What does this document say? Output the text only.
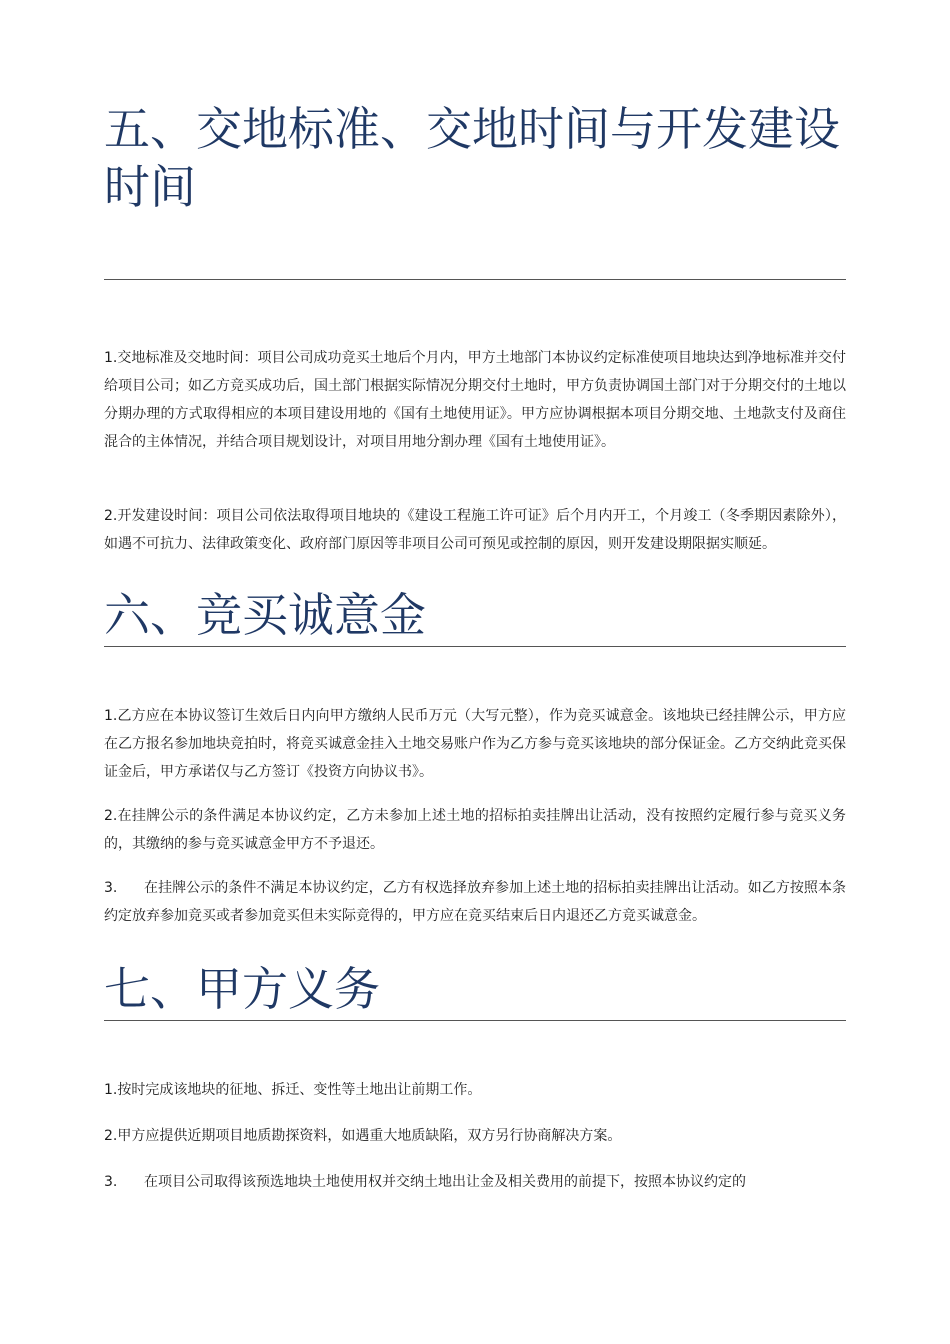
五、交地标准、交地时间与开发建设
时间

1.交地标准及交地时间：项目公司成功竞买土地后个月内，甲方土地部门本协议约定标准使项目地块达到净地标准并交付给项目公司；如乙方竞买成功后，国土部门根据实际情况分期交付土地时，甲方负责协调国土部门对于分期交付的土地以分期办理的方式取得相应的本项目建设用地的《国有土地使用证》。甲方应协调根据本项目分期交地、土地款支付及商住混合的主体情况，并结合项目规划设计，对项目用地分割办理《国有土地使用证》。

2.开发建设时间：项目公司依法取得项目地块的《建设工程施工许可证》后个月内开工，个月竣工（冬季期因素除外），如遇不可抗力、法律政策变化、政府部门原因等非项目公司可预见或控制的原因，则开发建设期限据实顺延。

六、竞买诚意金

1.乙方应在本协议签订生效后日内向甲方缴纳人民币万元（大写元整），作为竞买诚意金。该地块已经挂牌公示，甲方应在乙方报名参加地块竞拍时，将竞买诚意金挂入土地交易账户作为乙方参与竞买该地块的部分保证金。乙方交纳此竞买保证金后，甲方承诺仅与乙方签订《投资方向协议书》。

2.在挂牌公示的条件满足本协议约定，乙方未参加上述土地的招标拍卖挂牌出让活动，没有按照约定履行参与竞买义务的，其缴纳的参与竞买诚意金甲方不予退还。

3. 在挂牌公示的条件不满足本协议约定，乙方有权选择放弃参加上述土地的招标拍卖挂牌出让活动。如乙方按照本条约定放弃参加竞买或者参加竞买但未实际竞得的，甲方应在竞买结束后日内退还乙方竞买诚意金。

七、甲方义务

1.按时完成该地块的征地、拆迁、变性等土地出让前期工作。

2.甲方应提供近期项目地质勘探资料，如遇重大地质缺陷，双方另行协商解决方案。

3. 在项目公司取得该预选地块土地使用权并交纳土地出让金及相关费用的前提下，按照本协议约定的
